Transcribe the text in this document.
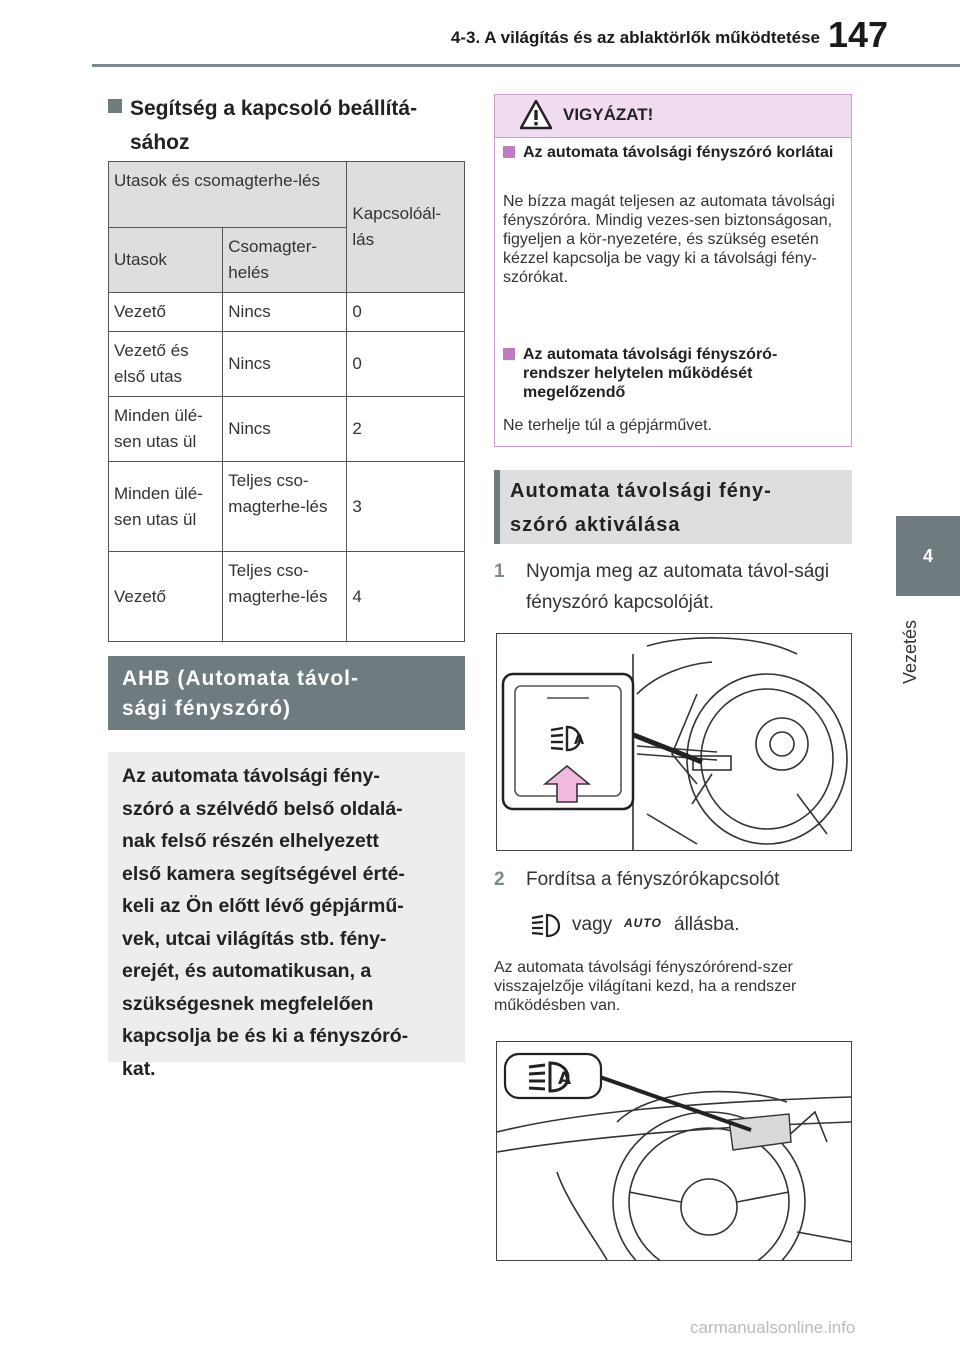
4-3. A világítás és az ablaktörlők működtetése 147
4
Vezetés
Segítség a kapcsoló beállítá-
sához
Utasok és csomagterhe-lés		Kapcsolóál-lás
Utasok	Csomagter-helés	
Vezető	Nincs	0
Vezető és első utas	Nincs	0
Minden ülé-sen utas ül	Nincs	2
Minden ülé-sen utas ül	Teljes cso-magterhe-lés	3
Vezető	Teljes cso-magterhe-lés	4
AHB (Automata távol-
sági fényszóró)
Az automata távolsági fény-
szóró a szélvédő belső oldalá-
nak felső részén elhelyezett
első kamera segítségével érté-
keli az Ön előtt lévő gépjármű-
vek, utcai világítás stb. fény-
erejét, és automatikusan, a
szükségesnek megfelelően
kapcsolja be és ki a fényszóró-
kat.
VIGYÁZAT!
Az automata távolsági fényszóró korlátai
Ne bízza magát teljesen az automata távolsági fényszóróra. Mindig vezes-sen biztonságosan, figyeljen a kör-nyezetére, és szükség esetén kézzel kapcsolja be vagy ki a távolsági fény-szórókat.
Az automata távolsági fényszóró-rendszer helytelen működését megelőzendő
Ne terhelje túl a gépjárművet.
Automata távolsági fény-
szóró aktiválása
1	Nyomja meg az automata távol-sági fényszóró kapcsolóját.
A
2	Fordítsa a fényszórókapcsolót
vagy AUTO állásba.
Az automata távolsági fényszórórend-szer visszajelzője világítani kezd, ha a rendszer működésben van.
A
carmanualsonline.info
